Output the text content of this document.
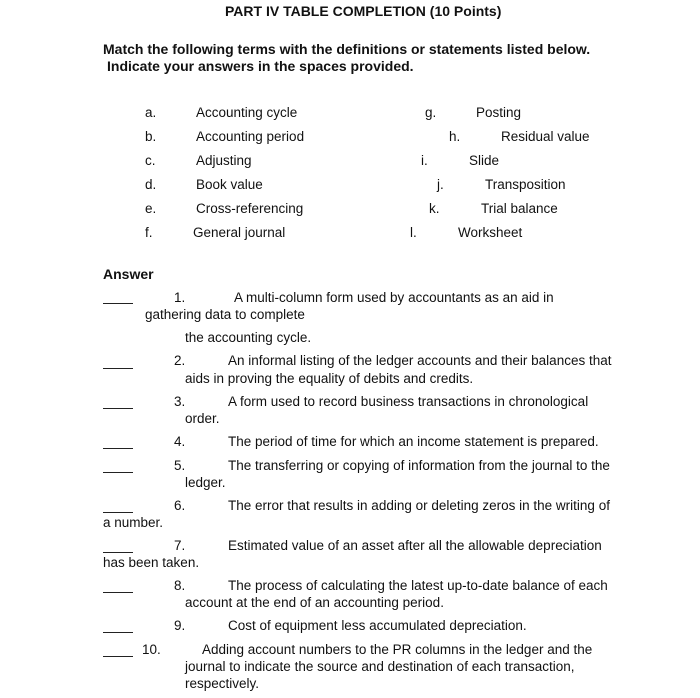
PART IV TABLE COMPLETION (10 Points)
Match the following terms with the definitions or statements listed below.
Indicate your answers in the spaces provided.
a.	Accounting cycle
b.	Accounting period
c.	Adjusting
d.	Book value
e.	Cross-referencing
f.	General journal
g.	Posting
h.	Residual value
i.	Slide
j.	Transposition
k.	Trial balance
l.	Worksheet
Answer
1.	A multi-column form used by accountants as an aid in
gathering data to complete
the accounting cycle.
2.	An informal listing of the ledger accounts and their balances that
aids in proving the equality of debits and credits.
3.	A form used to record business transactions in chronological
order.
4.	The period of time for which an income statement is prepared.
5.	The transferring or copying of information from the journal to the
ledger.
6.	The error that results in adding or deleting zeros in the writing of
a number.
7.	Estimated value of an asset after all the allowable depreciation
has been taken.
8.	The process of calculating the latest up-to-date balance of each
account at the end of an accounting period.
9.	Cost of equipment less accumulated depreciation.
10.	Adding account numbers to the PR columns in the ledger and the
journal to indicate the source and destination of each transaction,
respectively.
